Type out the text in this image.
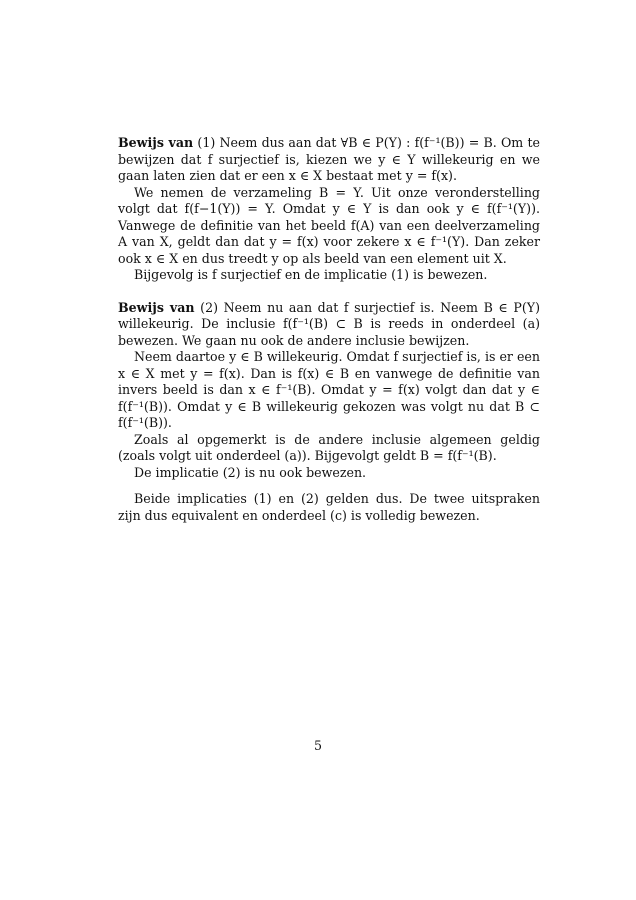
Bewijs van (1) Neem dus aan dat ∀B ∈ P(Y) : f(f⁻¹(B)) = B. Om te bewijzen dat f surjectief is, kiezen we y ∈ Y willekeurig en we gaan laten zien dat er een x ∈ X bestaat met y = f(x).

We nemen de verzameling B = Y. Uit onze veronderstelling volgt dat f(f−1(Y)) = Y. Omdat y ∈ Y is dan ook y ∈ f(f⁻¹(Y)). Vanwege de definitie van het beeld f(A) van een deelverzameling A van X, geldt dan dat y = f(x) voor zekere x ∈ f⁻¹(Y). Dan zeker ook x ∈ X en dus treedt y op als beeld van een element uit X.

Bijgevolg is f surjectief en de implicatie (1) is bewezen.

Bewijs van (2) Neem nu aan dat f surjectief is. Neem B ∈ P(Y) willekeurig. De inclusie f(f⁻¹(B) ⊂ B is reeds in onderdeel (a) bewezen. We gaan nu ook de andere inclusie bewijzen.

Neem daartoe y ∈ B willekeurig. Omdat f surjectief is, is er een x ∈ X met y = f(x). Dan is f(x) ∈ B en vanwege de definitie van invers beeld is dan x ∈ f⁻¹(B). Omdat y = f(x) volgt dan dat y ∈ f(f⁻¹(B)). Omdat y ∈ B willekeurig gekozen was volgt nu dat B ⊂ f(f⁻¹(B)).

Zoals al opgemerkt is de andere inclusie algemeen geldig (zoals volgt uit onderdeel (a)). Bijgevolgt geldt B = f(f⁻¹(B).

De implicatie (2) is nu ook bewezen.

Beide implicaties (1) en (2) gelden dus. De twee uitspraken zijn dus equivalent en onderdeel (c) is volledig bewezen.

5
